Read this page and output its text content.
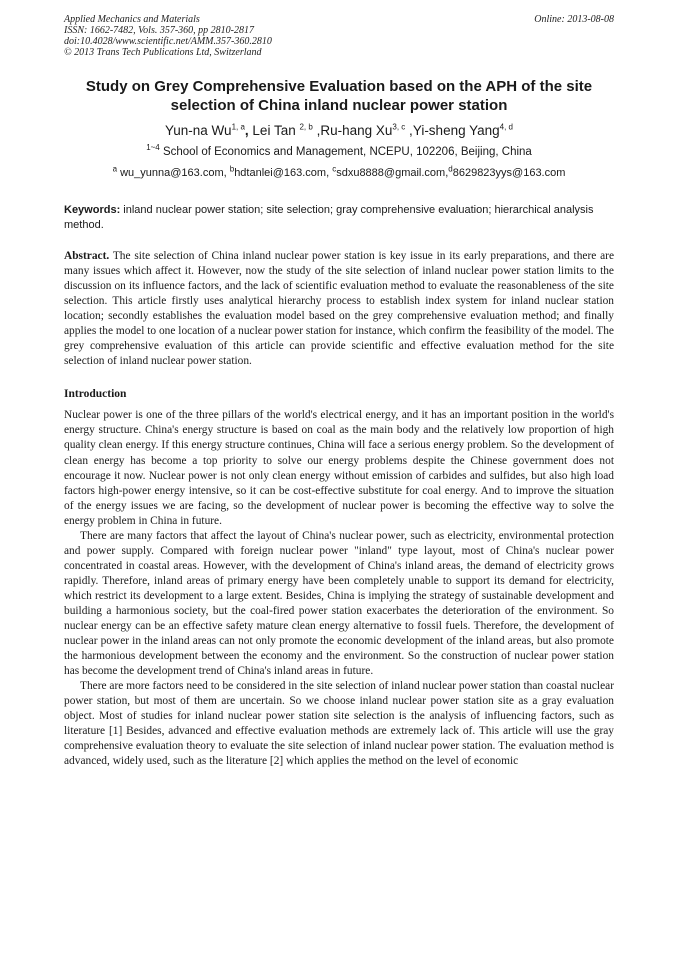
Applied Mechanics and Materials
ISSN: 1662-7482, Vols. 357-360, pp 2810-2817
doi:10.4028/www.scientific.net/AMM.357-360.2810
© 2013 Trans Tech Publications Ltd, Switzerland
Online: 2013-08-08
Study on Grey Comprehensive Evaluation based on the APH of the site selection of China inland nuclear power station
Yun-na Wu$^{1, a}$, Lei Tan $^{2, b}$ ,Ru-hang Xu$^{3, c}$ ,Yi-sheng Yang$^{4, d}$
$^{1\sim 4}$ School of Economics and Management, NCEPU, 102206, Beijing, China
$^a$ wu_yunna@163.com, $^b$hdtanlei@163.com, $^c$sdxu8888@gmail.com,$^d$8629823yys@163.com
Keywords: inland nuclear power station; site selection; gray comprehensive evaluation; hierarchical analysis method.
Abstract. The site selection of China inland nuclear power station is key issue in its early preparations, and there are many issues which affect it. However, now the study of the site selection of inland nuclear power station limits to the discussion on its influence factors, and the lack of scientific evaluation method to evaluate the reasonableness of the site selection. This article firstly uses analytical hierarchy process to establish index system for inland nuclear station location; secondly establishes the evaluation model based on the grey comprehensive evaluation method; and finally applies the model to one location of a nuclear power station for instance, which confirm the feasibility of the model. The grey comprehensive evaluation of this article can provide scientific and effective evaluation method for the site selection of inland nuclear power station.
Introduction

Nuclear power is one of the three pillars of the world's electrical energy, and it has an important position in the world's energy structure. China's energy structure is based on coal as the main body and the relatively low proportion of high quality clean energy. If this energy structure continues, China will face a serious energy problem. So the development of clean energy has become a top priority to solve our energy problems despite the Chinese government does not encourage it now. Nuclear power is not only clean energy without emission of carbides and sulfides, but also high load factors high-power energy intensive, so it can be cost-effective substitute for coal energy. And to improve the situation of the energy issues we are facing, so the development of nuclear power is becoming the effective way to solve the energy problem in China in future.

There are many factors that affect the layout of China's nuclear power, such as electricity, environmental protection and power supply. Compared with foreign nuclear power "inland" type layout, most of China's nuclear power concentrated in coastal areas. However, with the development of China's inland areas, the demand of electricity grows rapidly. Therefore, inland areas of primary energy have been completely unable to support its demand for electricity, which restrict its development to a large extent. Besides, China is implying the strategy of sustainable development and building a harmonious society, but the coal-fired power station exacerbates the deterioration of the environment. So nuclear energy can be an effective safety mature clean energy alternative to fossil fuels. Therefore, the development of nuclear power in the inland areas can not only promote the economic development of the inland areas, but also promote the harmonious development between the economy and the environment. So the construction of nuclear power station has become the development trend of China's inland areas in future.

There are more factors need to be considered in the site selection of inland nuclear power station than coastal nuclear power station, but most of them are uncertain. So we choose inland nuclear power station site as a gray evaluation object. Most of studies for inland nuclear power station site selection is the analysis of influencing factors, such as literature [1] Besides, advanced and effective evaluation methods are extremely lack of. This article will use the gray comprehensive evaluation theory to evaluate the site selection of inland nuclear power station. The evaluation method is advanced, widely used, such as the literature [2] which applies the method on the level of economic
